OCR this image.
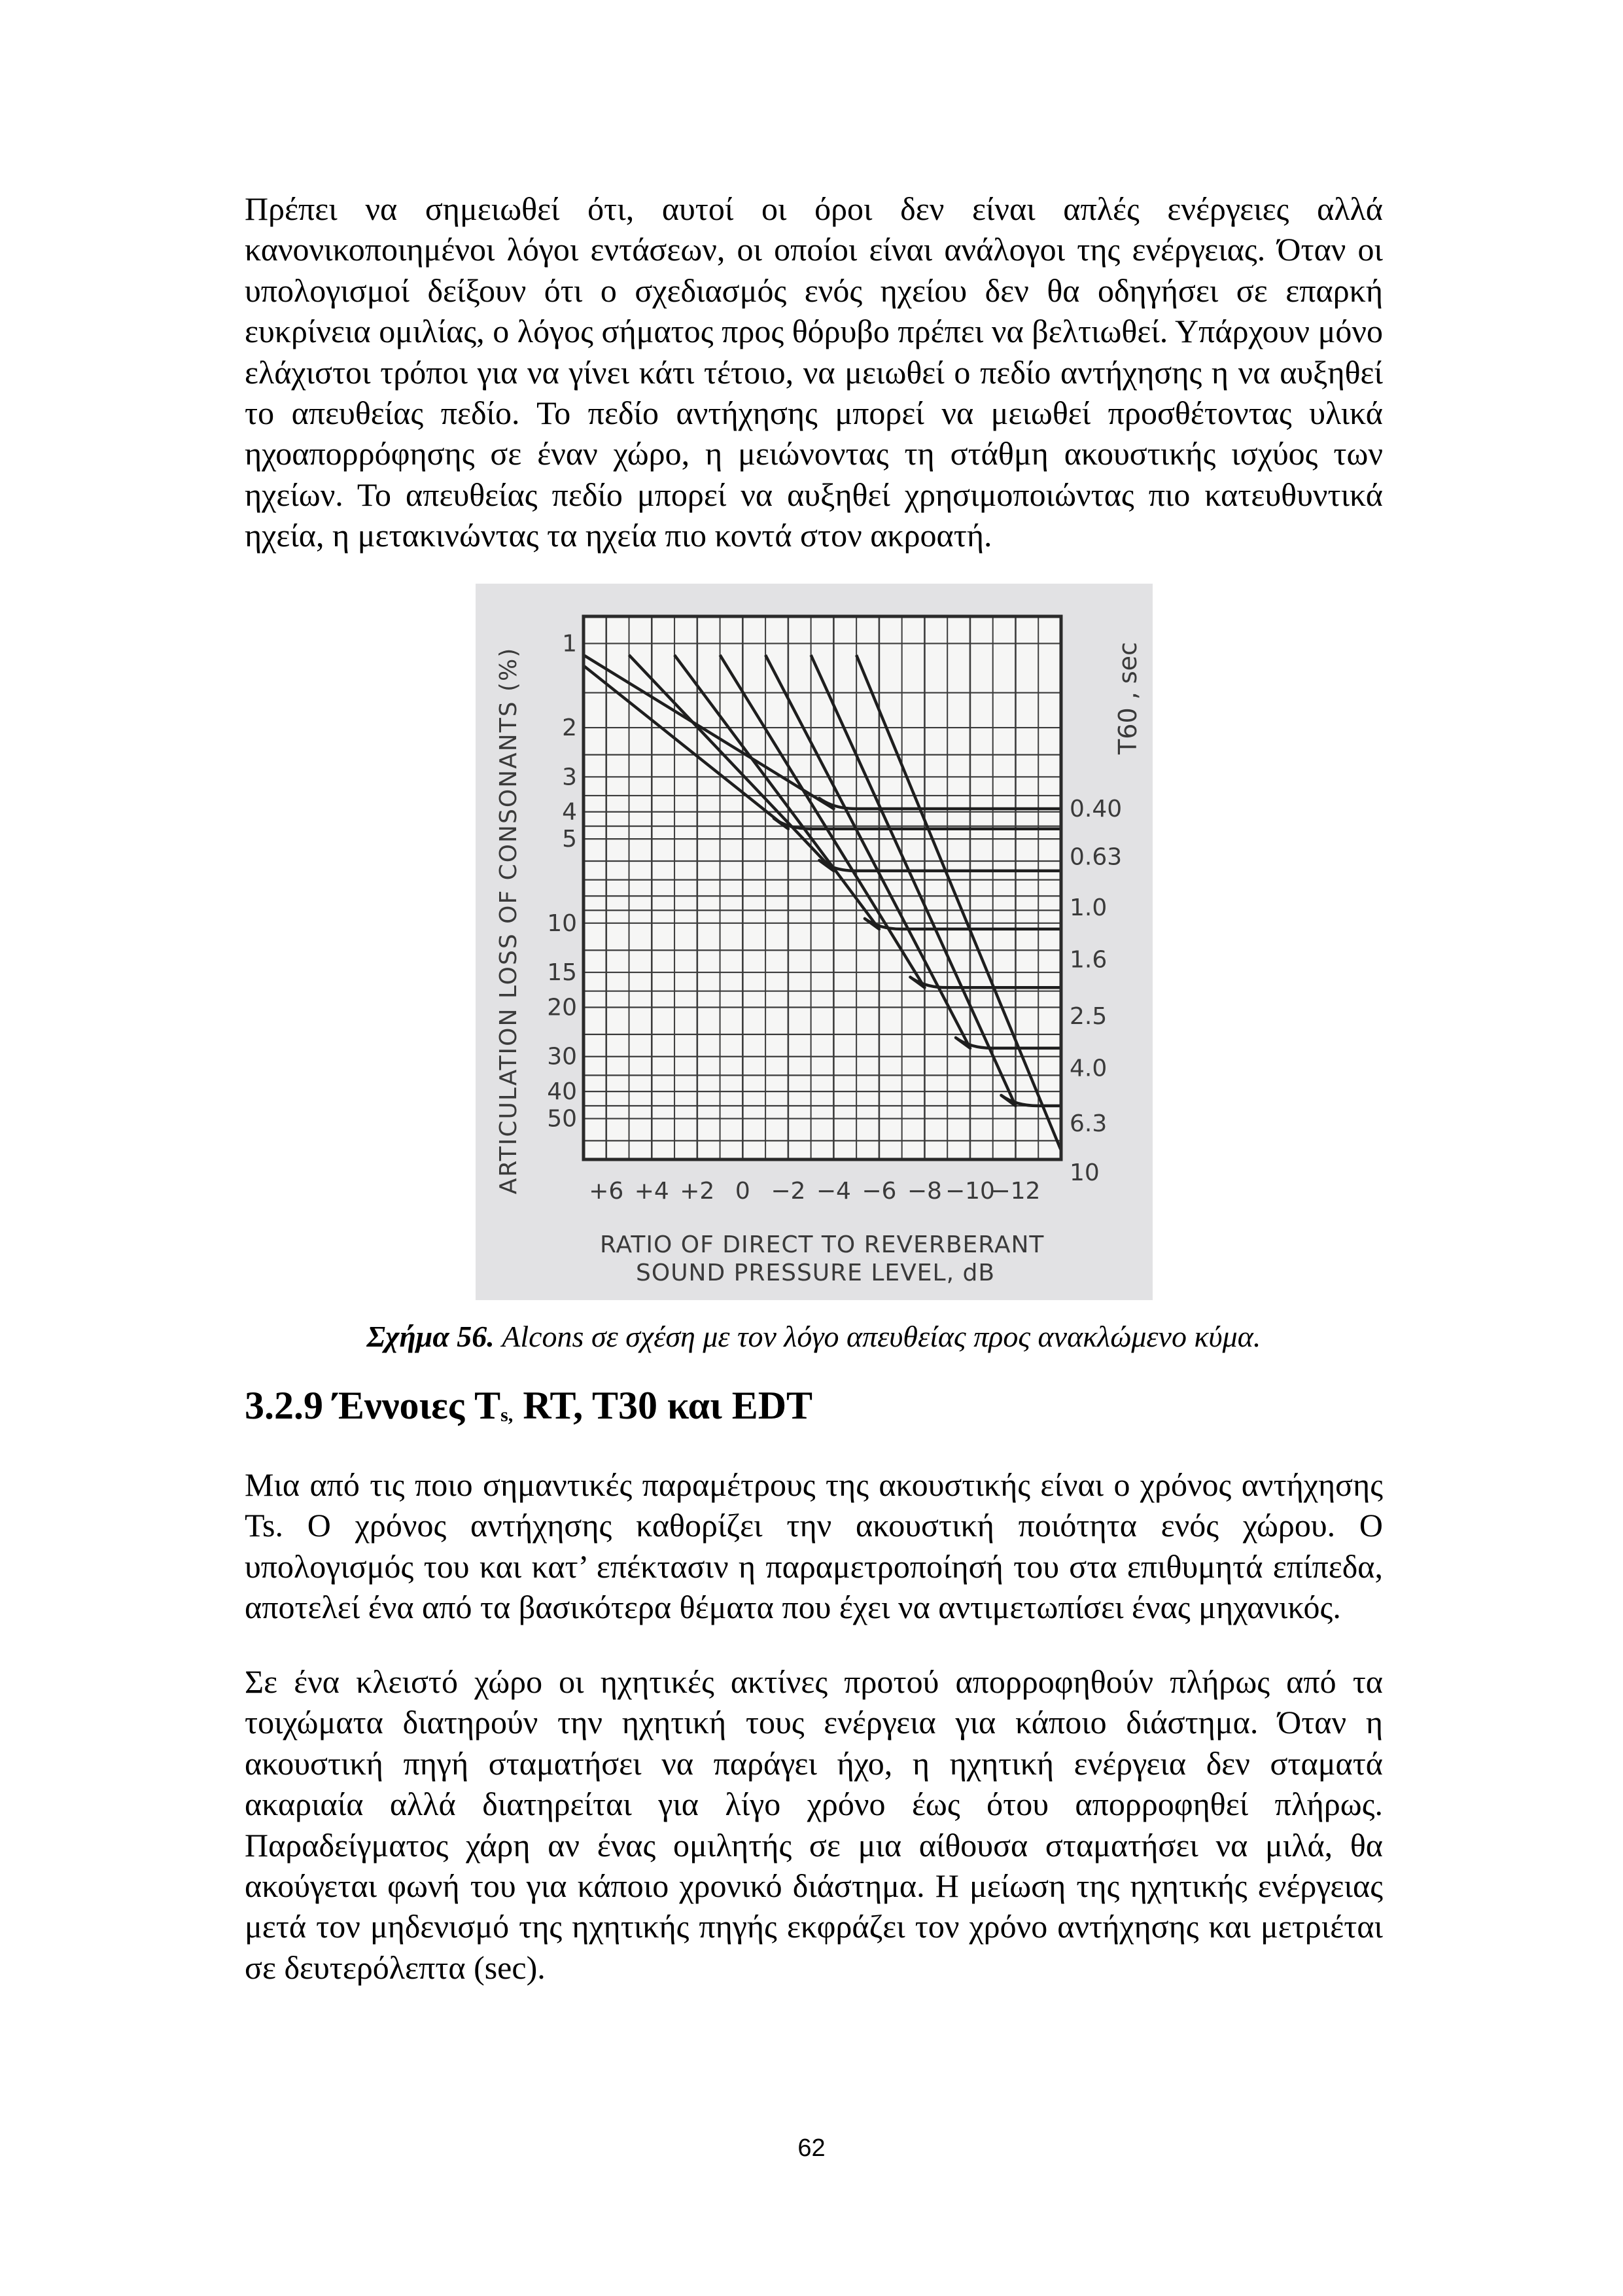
Πρέπει να σημειωθεί ότι, αυτοί οι όροι δεν είναι απλές ενέργειες αλλά κανονικοποιημένοι λόγοι εντάσεων, οι οποίοι είναι ανάλογοι της ενέργειας. Όταν οι υπολογισμοί δείξουν ότι ο σχεδιασμός ενός ηχείου δεν θα οδηγήσει σε επαρκή ευκρίνεια ομιλίας, ο λόγος σήματος προς θόρυβο πρέπει να βελτιωθεί. Υπάρχουν μόνο ελάχιστοι τρόποι για να γίνει κάτι τέτοιο, να μειωθεί ο πεδίο αντήχησης η να αυξηθεί το απευθείας πεδίο. Το πεδίο αντήχησης μπορεί να μειωθεί προσθέτοντας υλικά ηχοαπορρόφησης σε έναν χώρο, η μειώνοντας τη στάθμη ακουστικής ισχύος των ηχείων. Το απευθείας πεδίο μπορεί να αυξηθεί χρησιμοποιώντας πιο κατευθυντικά ηχεία, η μετακινώντας τα ηχεία πιο κοντά στον ακροατή.

1
2
3
4
5
10
15
20
30
40
50
+6 +4 +2 0 −2 −4 −6 −8 −10
−12
0.40
0.63
1.0
1.6
2.5
4.0
6.3
10
ARTICULATION LOSS OF CONSONANTS (%)	T60 , sec
RATIO OF DIRECT TO REVERBERANT
SOUND PRESSURE LEVEL, dB

Σχήμα 56. Alcons σε σχέση με τον λόγο απευθείας προς ανακλώμενο κύμα.

3.2.9 Έννοιες $T_{s,}$ RT, T30 και EDT

Μια από τις ποιο σημαντικές παραμέτρους της ακουστικής είναι ο χρόνος αντήχησης Ts. Ο χρόνος αντήχησης καθορίζει την ακουστική ποιότητα ενός χώρου. Ο υπολογισμός του και κατ’ επέκτασιν η παραμετροποίησή του στα επιθυμητά επίπεδα, αποτελεί ένα από τα βασικότερα θέματα που έχει να αντιμετωπίσει ένας μηχανικός.

Σε ένα κλειστό χώρο οι ηχητικές ακτίνες προτού απορροφηθούν πλήρως από τα τοιχώματα διατηρούν την ηχητική τους ενέργεια για κάποιο διάστημα. Όταν η ακουστική πηγή σταματήσει να παράγει ήχο, η ηχητική ενέργεια δεν σταματά ακαριαία αλλά διατηρείται για λίγο χρόνο έως ότου απορροφηθεί πλήρως. Παραδείγματος χάρη αν ένας ομιλητής σε μια αίθουσα σταματήσει να μιλά, θα ακούγεται φωνή του για κάποιο χρονικό διάστημα. Η μείωση της ηχητικής ενέργειας μετά τον μηδενισμό της ηχητικής πηγής εκφράζει τον χρόνο αντήχησης και μετριέται σε δευτερόλεπτα (sec).

62
